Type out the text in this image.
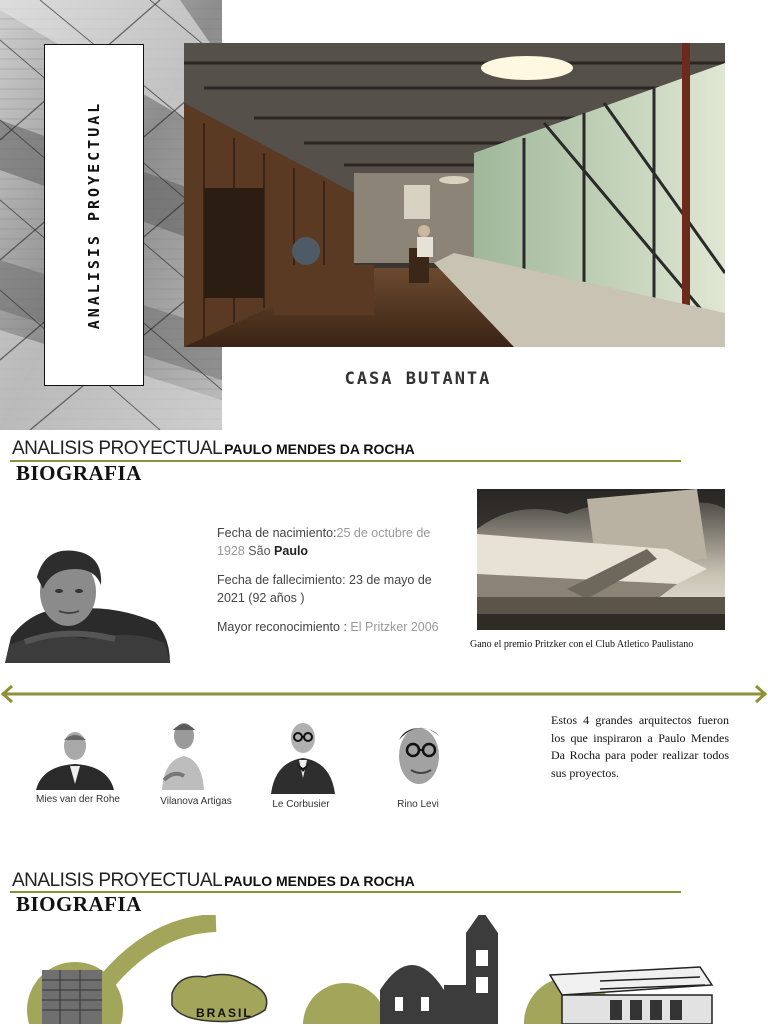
ANALISIS PROYECTUAL
CASA BUTANTA
ANALISIS PROYECTUAL PAULO MENDES DA ROCHA
BIOGRAFIA

Fecha de nacimiento:25 de octubre de 1928 São Paulo

Fecha de fallecimiento: 23 de mayo de 2021 (92 años )

Mayor reconocimiento : El Pritzker 2006

Gano el premio Pritzker con el Club Atletico Paulistano
Mies van der Rohe	Vilanova Artigas	Le Corbusier	Rino Levi
Estos 4 grandes arquitectos fueron los que inspiraron a Paulo Mendes Da Rocha para poder realizar todos sus proyectos.
ANALISIS PROYECTUAL PAULO MENDES DA ROCHA
BIOGRAFIA
BRASIL
